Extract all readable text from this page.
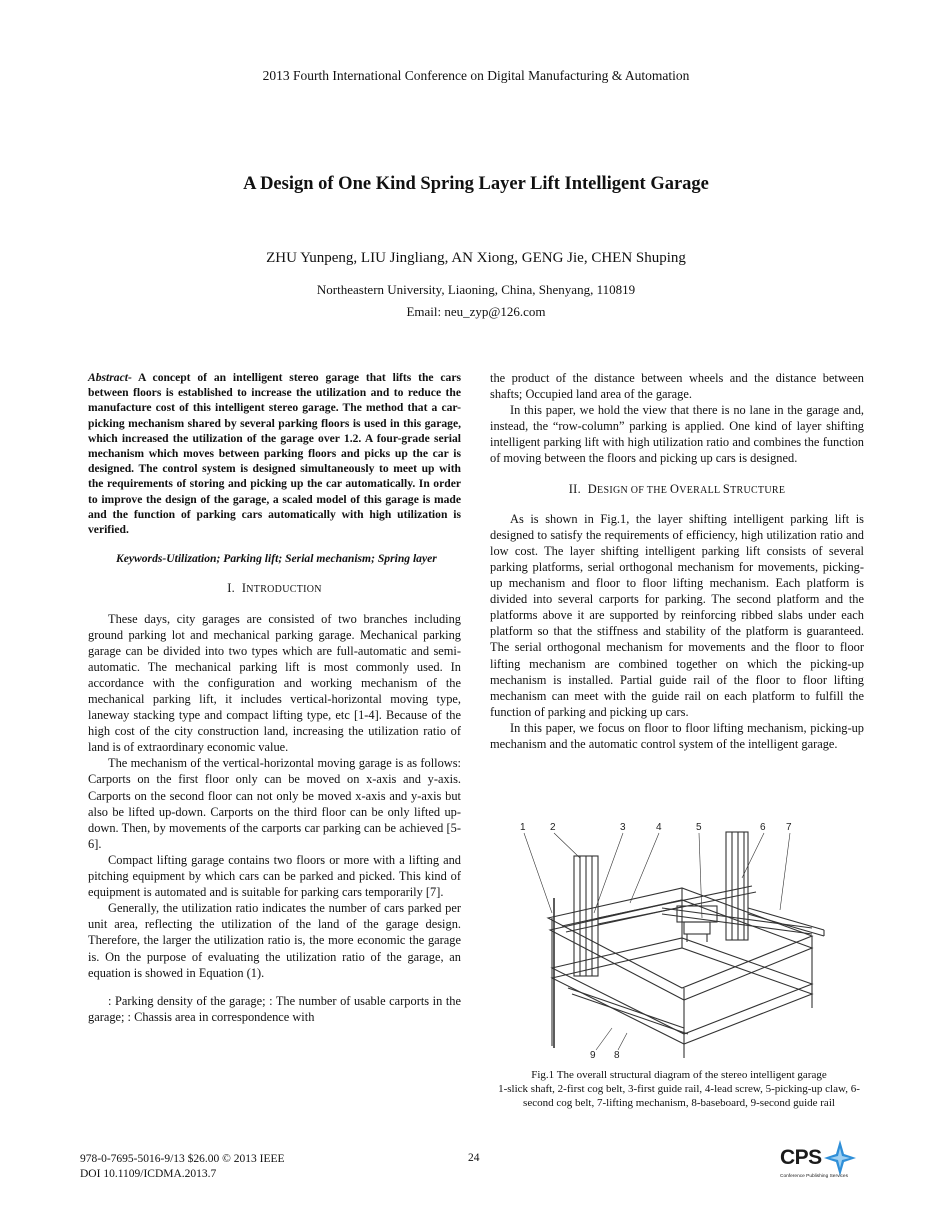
2013 Fourth International Conference on Digital Manufacturing & Automation
A Design of One Kind Spring Layer Lift Intelligent Garage
ZHU Yunpeng, LIU Jingliang, AN Xiong, GENG Jie, CHEN Shuping
Northeastern University, Liaoning, China, Shenyang, 110819
Email: neu_zyp@126.com

Abstract- A concept of an intelligent stereo garage that lifts the cars between floors is established to increase the utilization and to reduce the manufacture cost of this intelligent stereo garage. The method that a car-picking mechanism shared by several parking floors is used in this garage, which increased the utilization of the garage over 1.2. A four-grade serial mechanism which moves between parking floors and picks up the car is designed. The control system is designed simultaneously to meet up with the requirements of storing and picking up the car automatically. In order to improve the design of the garage, a scaled model of this garage is made and the function of parking cars automatically with high utilization is verified.

Keywords-Utilization; Parking lift; Serial mechanism; Spring layer

I. INTRODUCTION

These days, city garages are consisted of two branches including ground parking lot and mechanical parking garage. Mechanical parking garage can be divided into two types which are full-automatic and semi-automatic. The mechanical parking lift is most commonly used. In accordance with the configuration and working mechanism of the mechanical parking lift, it includes vertical-horizontal moving type, laneway stacking type and compact lifting type, etc [1-4]. Because of the high cost of the city construction land, increasing the utilization ratio of land is of extraordinary economic value.

The mechanism of the vertical-horizontal moving garage is as follows: Carports on the first floor only can be moved on x-axis and y-axis. Carports on the second floor can not only be moved x-axis and y-axis but also be lifted up-down. Carports on the third floor can be only lifted up-down. Then, by movements of the carports car parking can be achieved [5-6].

Compact lifting garage contains two floors or more with a lifting and pitching equipment by which cars can be parked and picked. This kind of equipment is automated and is suitable for parking cars temporarily [7].

Generally, the utilization ratio indicates the number of cars parked per unit area, reflecting the utilization of the land of the garage design. Therefore, the larger the utilization ratio is, the more economic the garage is. On the purpose of evaluating the utilization ratio of the garage, an equation is showed in Equation (1).

: Parking density of the garage; : The number of usable carports in the garage; : Chassis area in correspondence with

the product of the distance between wheels and the distance between shafts; Occupied land area of the garage.

In this paper, we hold the view that there is no lane in the garage and, instead, the “row-column” parking is applied. One kind of layer shifting intelligent parking lift with high utilization ratio and combines the function of moving between the floors and picking up cars is designed.

II. DESIGN OF THE OVERALL STRUCTURE

As is shown in Fig.1, the layer shifting intelligent parking lift is designed to satisfy the requirements of efficiency, high utilization ratio and low cost. The layer shifting intelligent parking lift consists of several parking platforms, serial orthogonal mechanism for movements, picking-up mechanism and floor to floor lifting mechanism. Each platform is divided into several carports for parking. The second platform and the platforms above it are supported by reinforcing ribbed slabs under each platform so that the stiffness and stability of the platform is guaranteed. The serial orthogonal mechanism for movements and the floor to floor lifting mechanism are combined together on which the picking-up mechanism is installed. Partial guide rail of the floor to floor lifting mechanism can meet with the guide rail on each platform to fulfill the function of parking and picking up cars.

In this paper, we focus on floor to floor lifting mechanism, picking-up mechanism and the automatic control system of the intelligent garage.

1 2	3	4	5	6 7
9 8
Fig.1 The overall structural diagram of the stereo intelligent garage
1-slick shaft, 2-first cog belt, 3-first guide rail, 4-lead screw, 5-picking-up claw, 6-second cog belt, 7-lifting mechanism, 8-baseboard, 9-second guide rail
978-0-7695-5016-9/13 $26.00 © 2013 IEEE
DOI 10.1109/ICDMA.2013.7
24	CPS
Conference Publishing Services
